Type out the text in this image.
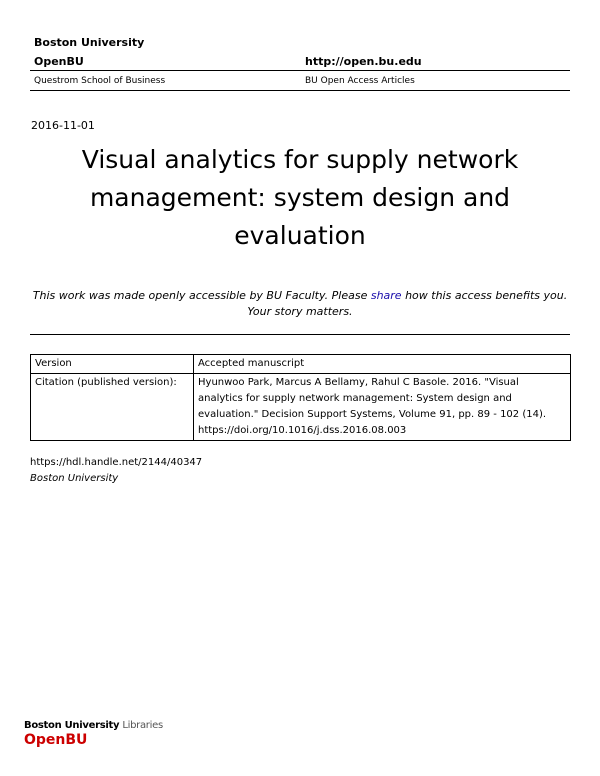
Boston University
OpenBU	http://open.bu.edu
Questrom School of Business	BU Open Access Articles
2016-11-01
Visual analytics for supply network management: system design and evaluation
This work was made openly accessible by BU Faculty. Please share how this access benefits you.
Your story matters.
Version	Accepted manuscript
Citation (published version):	Hyunwoo Park, Marcus A Bellamy, Rahul C Basole. 2016. "Visual analytics for supply network management: System design and evaluation." Decision Support Systems, Volume 91, pp. 89 - 102 (14). https://doi.org/10.1016/j.dss.2016.08.003
https://hdl.handle.net/2144/40347
Boston University
Boston University Libraries
OpenBU
